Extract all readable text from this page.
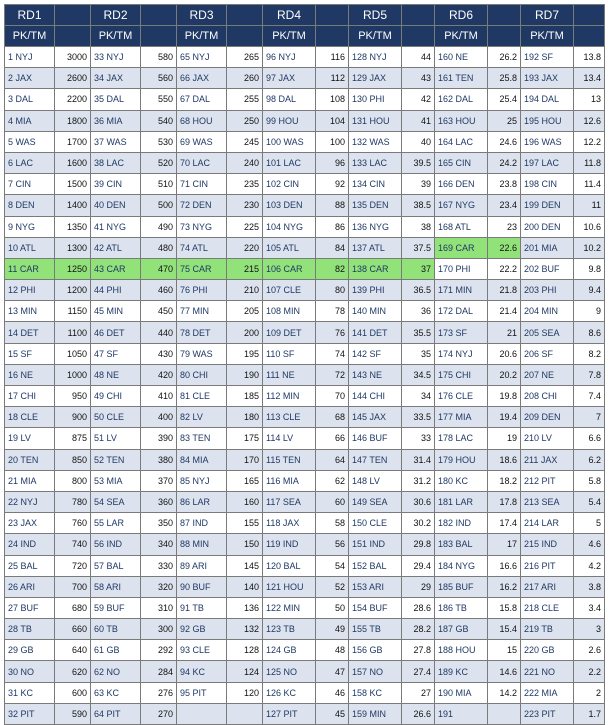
RD1		RD2		RD3		RD4		RD5		RD6		RD7	
PK/TM		PK/TM		PK/TM		PK/TM		PK/TM		PK/TM		PK/TM	
1 NYJ	3000	33 NYJ	580	65 NYJ	265	96 NYJ	116	128 NYJ	44	160 NE	26.2	192 SF	13.8
2 JAX	2600	34 JAX	560	66 JAX	260	97 JAX	112	129 JAX	43	161 TEN	25.8	193 JAX	13.4
3 DAL	2200	35 DAL	550	67 DAL	255	98 DAL	108	130 PHI	42	162 DAL	25.4	194 DAL	13
4 MIA	1800	36 MIA	540	68 HOU	250	99 HOU	104	131 HOU	41	163 HOU	25	195 HOU	12.6
5 WAS	1700	37 WAS	530	69 WAS	245	100 WAS	100	132 WAS	40	164 LAC	24.6	196 WAS	12.2
6 LAC	1600	38 LAC	520	70 LAC	240	101 LAC	96	133 LAC	39.5	165 CIN	24.2	197 LAC	11.8
7 CIN	1500	39 CIN	510	71 CIN	235	102 CIN	92	134 CIN	39	166 DEN	23.8	198 CIN	11.4
8 DEN	1400	40 DEN	500	72 DEN	230	103 DEN	88	135 DEN	38.5	167 NYG	23.4	199 DEN	11
9 NYG	1350	41 NYG	490	73 NYG	225	104 NYG	86	136 NYG	38	168 ATL	23	200 DEN	10.6
10 ATL	1300	42 ATL	480	74 ATL	220	105 ATL	84	137 ATL	37.5	169 CAR	22.6	201 MIA	10.2
11 CAR	1250	43 CAR	470	75 CAR	215	106 CAR	82	138 CAR	37	170 PHI	22.2	202 BUF	9.8
12 PHI	1200	44 PHI	460	76 PHI	210	107 CLE	80	139 PHI	36.5	171 MIN	21.8	203 PHI	9.4
13 MIN	1150	45 MIN	450	77 MIN	205	108 MIN	78	140 MIN	36	172 DAL	21.4	204 MIN	9
14 DET	1100	46 DET	440	78 DET	200	109 DET	76	141 DET	35.5	173 SF	21	205 SEA	8.6
15 SF	1050	47 SF	430	79 WAS	195	110 SF	74	142 SF	35	174 NYJ	20.6	206 SF	8.2
16 NE	1000	48 NE	420	80 CHI	190	111 NE	72	143 NE	34.5	175 CHI	20.2	207 NE	7.8
17 CHI	950	49 CHI	410	81 CLE	185	112 MIN	70	144 CHI	34	176 CLE	19.8	208 CHI	7.4
18 CLE	900	50 CLE	400	82 LV	180	113 CLE	68	145 JAX	33.5	177 MIA	19.4	209 DEN	7
19 LV	875	51 LV	390	83 TEN	175	114 LV	66	146 BUF	33	178 LAC	19	210 LV	6.6
20 TEN	850	52 TEN	380	84 MIA	170	115 TEN	64	147 TEN	31.4	179 HOU	18.6	211 JAX	6.2
21 MIA	800	53 MIA	370	85 NYJ	165	116 MIA	62	148 LV	31.2	180 KC	18.2	212 PIT	5.8
22 NYJ	780	54 SEA	360	86 LAR	160	117 SEA	60	149 SEA	30.6	181 LAR	17.8	213 SEA	5.4
23 JAX	760	55 LAR	350	87 IND	155	118 JAX	58	150 CLE	30.2	182 IND	17.4	214 LAR	5
24 IND	740	56 IND	340	88 MIN	150	119 IND	56	151 IND	29.8	183 BAL	17	215 IND	4.6
25 BAL	720	57 BAL	330	89 ARI	145	120 BAL	54	152 BAL	29.4	184 NYG	16.6	216 PIT	4.2
26 ARI	700	58 ARI	320	90 BUF	140	121 HOU	52	153 ARI	29	185 BUF	16.2	217 ARI	3.8
27 BUF	680	59 BUF	310	91 TB	136	122 MIN	50	154 BUF	28.6	186 TB	15.8	218 CLE	3.4
28 TB	660	60 TB	300	92 GB	132	123 TB	49	155 TB	28.2	187 GB	15.4	219 TB	3
29 GB	640	61 GB	292	93 CLE	128	124 GB	48	156 GB	27.8	188 HOU	15	220 GB	2.6
30 NO	620	62 NO	284	94 KC	124	125 NO	47	157 NO	27.4	189 KC	14.6	221 NO	2.2
31 KC	600	63 KC	276	95 PIT	120	126 KC	46	158 KC	27	190 MIA	14.2	222 MIA	2
32 PIT	590	64 PIT	270			127 PIT	45	159 MIN	26.6	191		223 PIT	1.7
